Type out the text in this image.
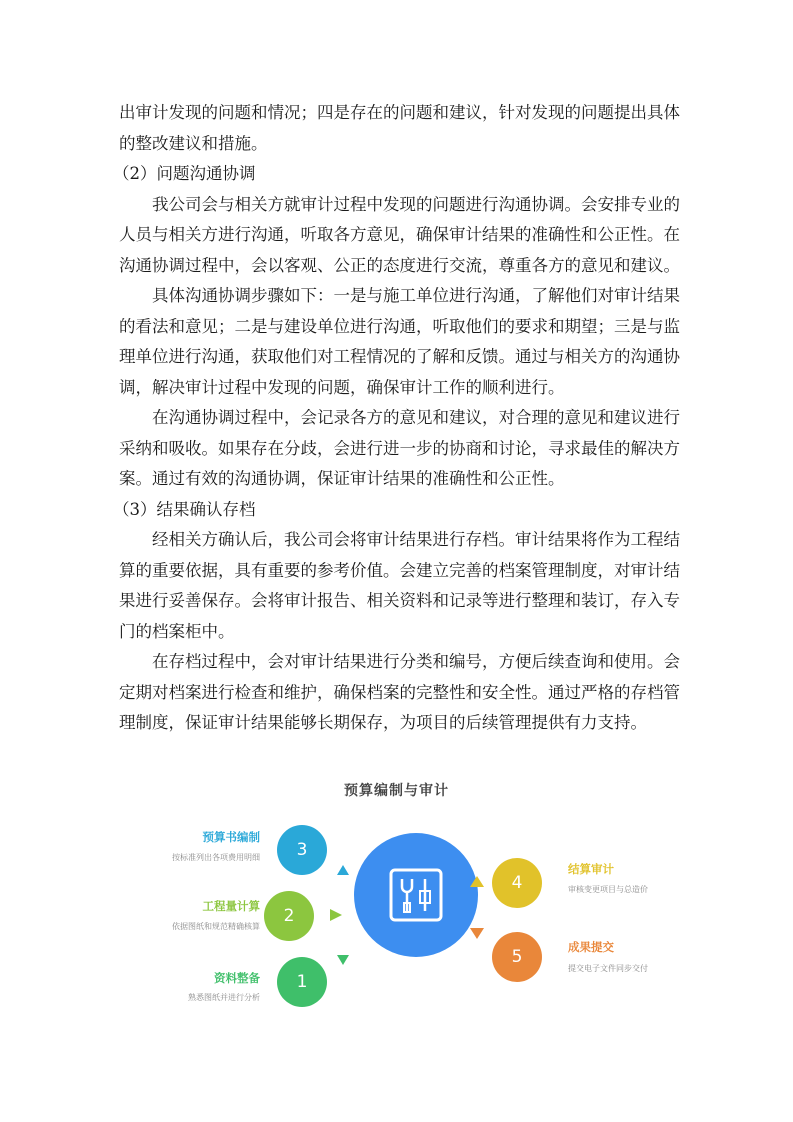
出审计发现的问题和情况；四是存在的问题和建议，针对发现的问题提出具体
的整改建议和措施。
（2）问题沟通协调
我公司会与相关方就审计过程中发现的问题进行沟通协调。会安排专业的
人员与相关方进行沟通，听取各方意见，确保审计结果的准确性和公正性。在
沟通协调过程中，会以客观、公正的态度进行交流，尊重各方的意见和建议。
具体沟通协调步骤如下：一是与施工单位进行沟通，了解他们对审计结果
的看法和意见；二是与建设单位进行沟通，听取他们的要求和期望；三是与监
理单位进行沟通，获取他们对工程情况的了解和反馈。通过与相关方的沟通协
调，解决审计过程中发现的问题，确保审计工作的顺利进行。
在沟通协调过程中，会记录各方的意见和建议，对合理的意见和建议进行
采纳和吸收。如果存在分歧，会进行进一步的协商和讨论，寻求最佳的解决方
案。通过有效的沟通协调，保证审计结果的准确性和公正性。
（3）结果确认存档
经相关方确认后，我公司会将审计结果进行存档。审计结果将作为工程结
算的重要依据，具有重要的参考价值。会建立完善的档案管理制度，对审计结
果进行妥善保存。会将审计报告、相关资料和记录等进行整理和装订，存入专
门的档案柜中。
在存档过程中，会对审计结果进行分类和编号，方便后续查询和使用。会
定期对档案进行检查和维护，确保档案的完整性和安全性。通过严格的存档管
理制度，保证审计结果能够长期保存，为项目的后续管理提供有力支持。
预算编制与审计
预算书编制
按标准列出各项费用明细
工程量计算
依据图纸和规范精确核算
资料整备
熟悉图纸并进行分析
3
2
1
4
5
结算审计
审核变更项目与总造价
成果提交
提交电子文件同步交付
